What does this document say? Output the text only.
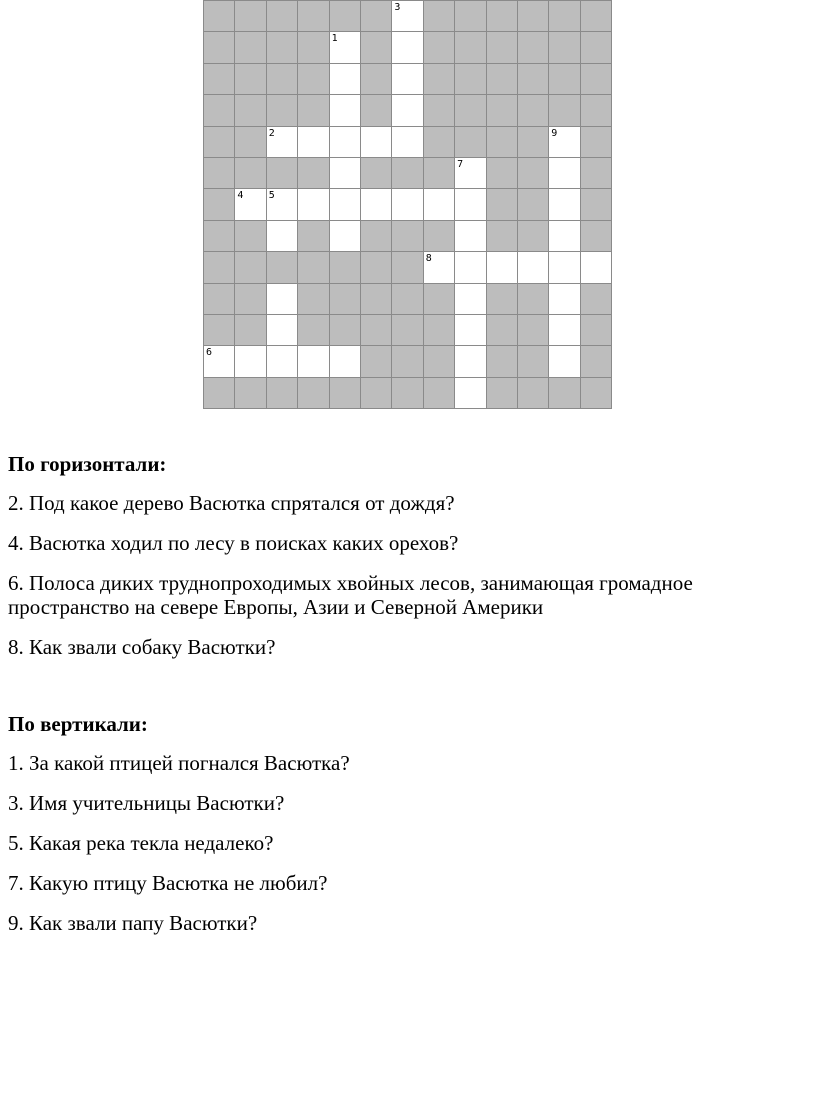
3
1
2	9
7
4	5
8
6

По горизонтали:

2. Под какое дерево Васютка спрятался от дождя?

4. Васютка ходил по лесу в поисках каких орехов?

6. Полоса диких труднопроходимых хвойных лесов, занимающая громадное пространство на севере Европы, Азии и Северной Америки

8. Как звали собаку Васютки?

По вертикали:

1. За какой птицей погнался Васютка?

3. Имя учительницы Васютки?

5. Какая река текла недалеко?

7. Какую птицу Васютка не любил?

9. Как звали папу Васютки?
